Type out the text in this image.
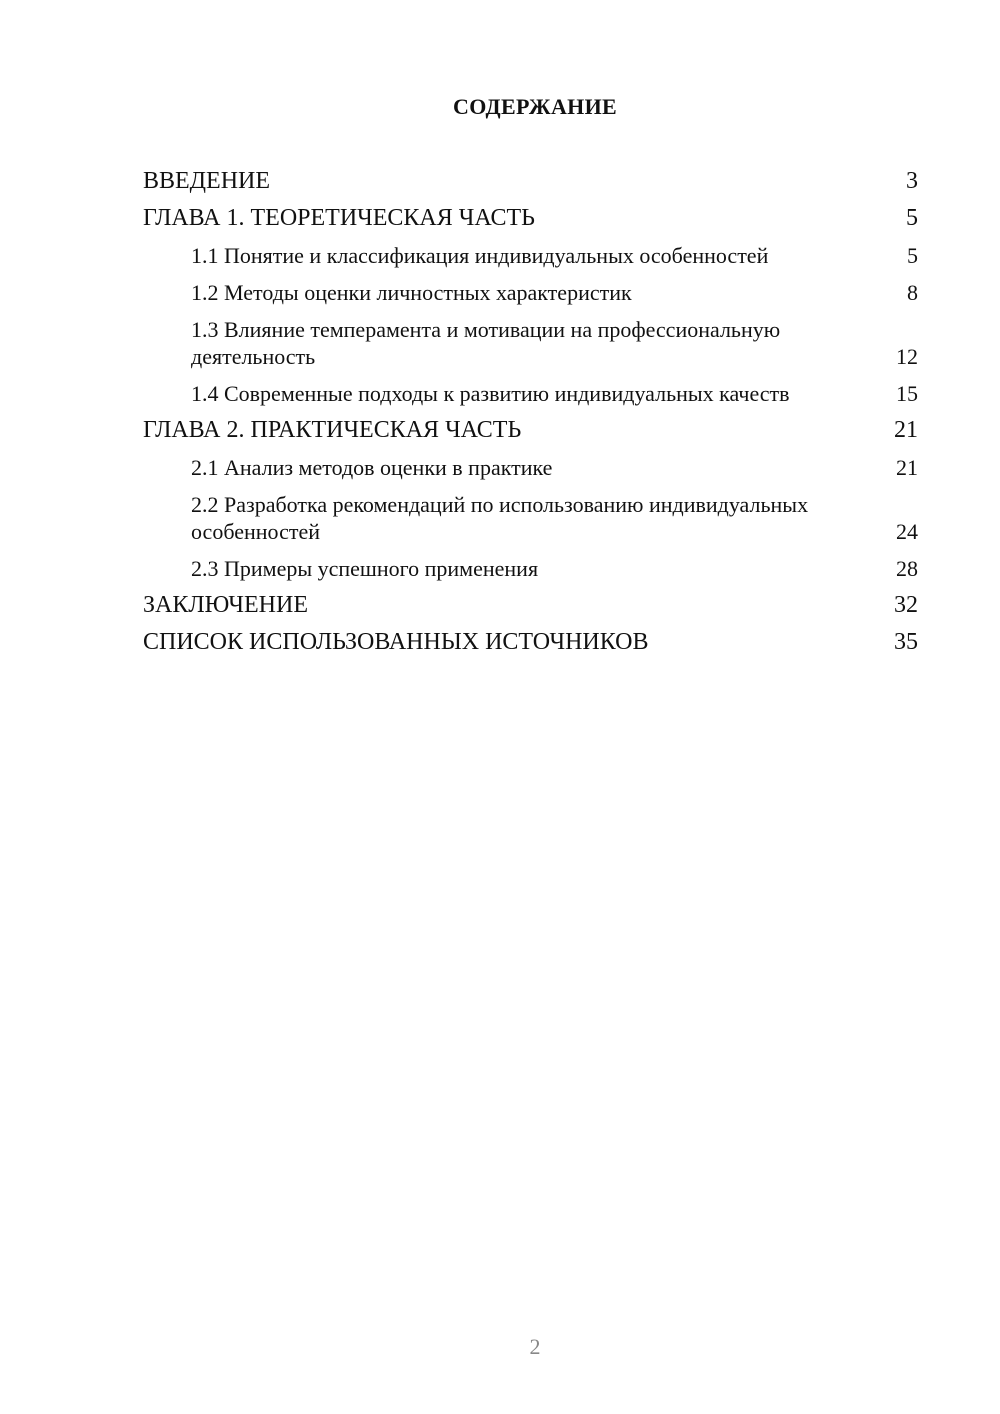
СОДЕРЖАНИЕ
ВВЕДЕНИЕ	3
ГЛАВА 1. ТЕОРЕТИЧЕСКАЯ ЧАСТЬ	5
1.1 Понятие и классификация индивидуальных особенностей	5
1.2 Методы оценки личностных характеристик	8
1.3 Влияние темперамента и мотивации на профессиональную деятельность	12
1.4 Современные подходы к развитию индивидуальных качеств	15
ГЛАВА 2. ПРАКТИЧЕСКАЯ ЧАСТЬ	21
2.1 Анализ методов оценки в практике	21
2.2 Разработка рекомендаций по использованию индивидуальных особенностей	24
2.3 Примеры успешного применения	28
ЗАКЛЮЧЕНИЕ	32
СПИСОК ИСПОЛЬЗОВАННЫХ ИСТОЧНИКОВ	35
2
